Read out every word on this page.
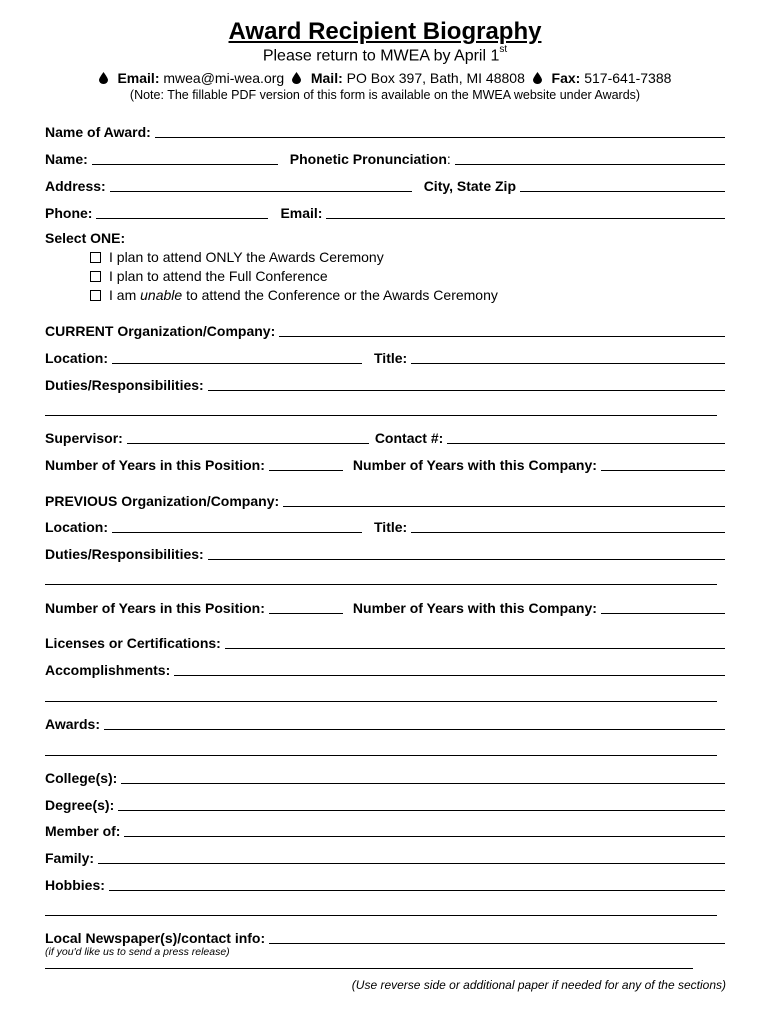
Award Recipient Biography
Please return to MWEA by April 1st
Email: mwea@mi-wea.org Mail: PO Box 397, Bath, MI 48808 Fax: 517-641-7388
(Note: The fillable PDF version of this form is available on the MWEA website under Awards)
Name of Award:
Name:	Phonetic Pronunciation :
Address:	City, State Zip
Phone:	Email:
Select ONE:
I plan to attend ONLY the Awards Ceremony
I plan to attend the Full Conference
I am unable to attend the Conference or the Awards Ceremony
CURRENT Organization/Company:
Location:	Title:
Duties/Responsibilities:
Supervisor:	Contact #:
Number of Years in this Position:	Number of Years with this Company:
PREVIOUS Organization/Company:
Location:	Title:
Duties/Responsibilities:
Number of Years in this Position:	Number of Years with this Company:
Licenses or Certifications:
Accomplishments:
Awards:
College(s):
Degree(s):
Member of:
Family:
Hobbies:
Local Newspaper(s)/contact info:
(if you'd like us to send a press release)
(Use reverse side or additional paper if needed for any of the sections)
